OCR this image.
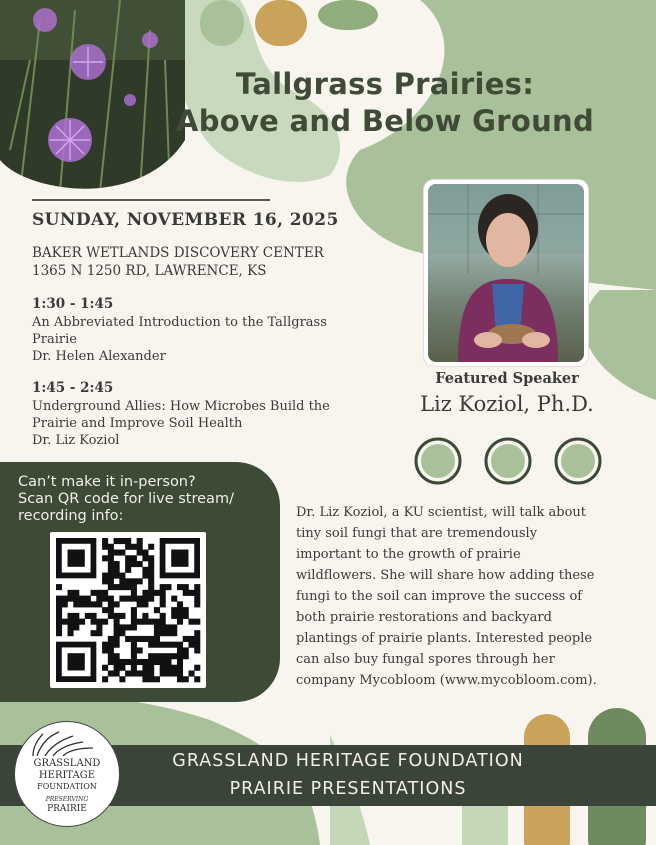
Tallgrass Prairies:
Above and Below Ground
SUNDAY, NOVEMBER 16, 2025
BAKER WETLANDS DISCOVERY CENTER
1365 N 1250 RD, LAWRENCE, KS
1:30 - 1:45
An Abbreviated Introduction to the Tallgrass
Prairie
Dr. Helen Alexander
1:45 - 2:45
Underground Allies: How Microbes Build the
Prairie and Improve Soil Health
Dr. Liz Koziol
Featured Speaker
Liz Koziol, Ph.D.
Can’t make it in-person?
Scan QR code for live stream/
recording info:	Dr. Liz Koziol, a KU scientist, will talk about
tiny soil fungi that are tremendously
important to the growth of prairie
wildflowers. She will share how adding these
fungi to the soil can improve the success of
both prairie restorations and backyard
plantings of prairie plants. Interested people
can also buy fungal spores through her
company Mycobloom (www.mycobloom.com).
GRASSLAND HERITAGE FOUNDATION
PRAIRIE PRESENTATIONS
GRASSLAND
HERITAGE
FOUNDATION
PRESERVING
PRAIRIE
